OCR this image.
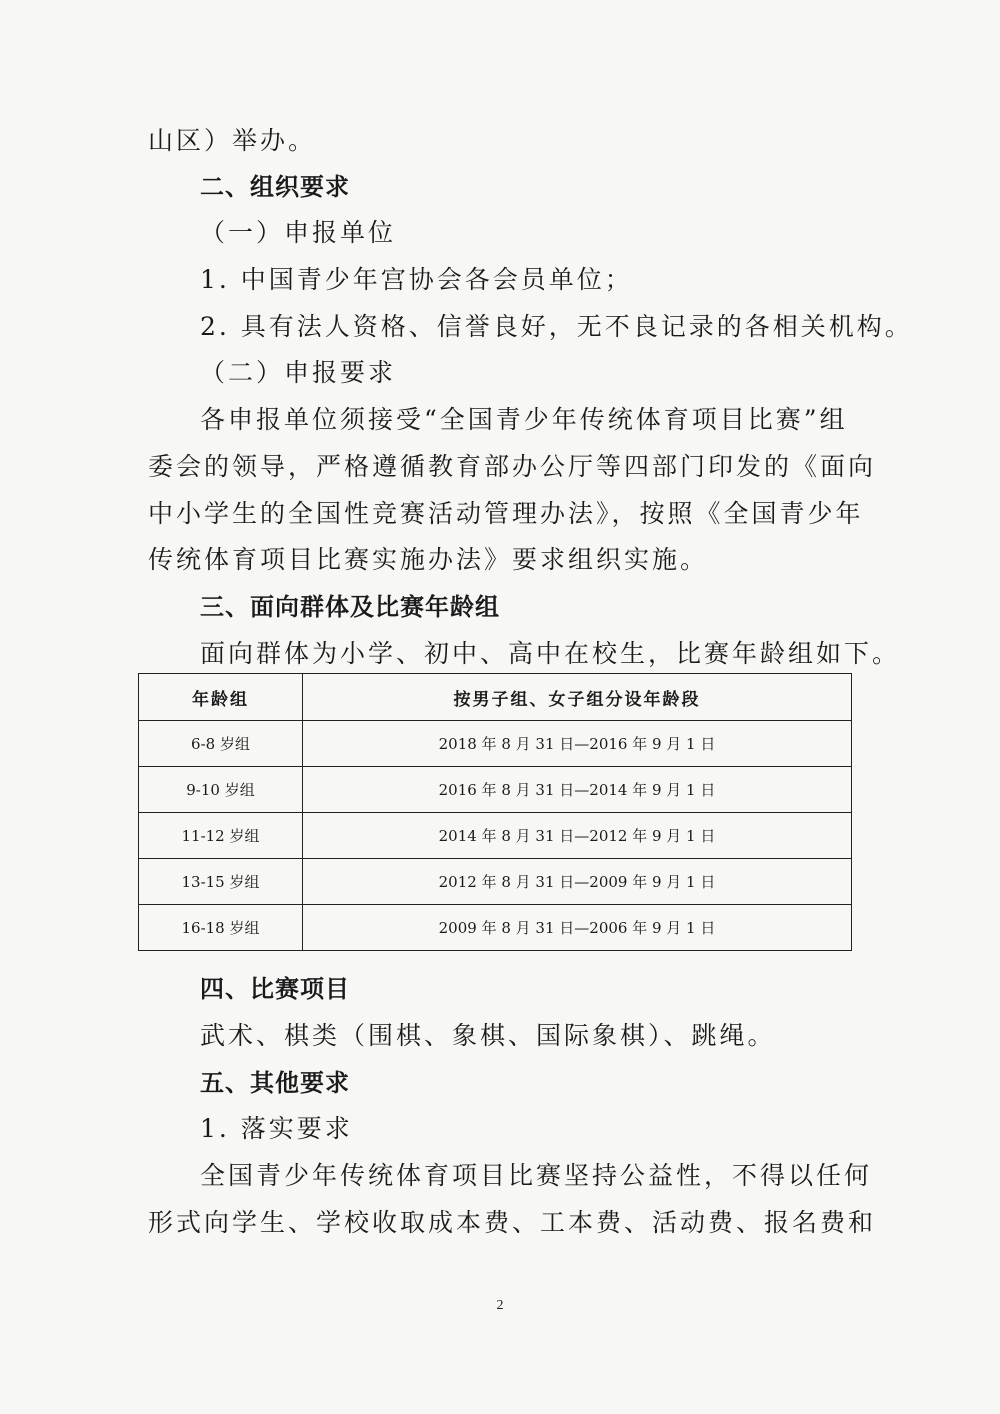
山区）举办。
二、组织要求
（一）申报单位
1. 中国青少年宫协会各会员单位；
2. 具有法人资格、信誉良好，无不良记录的各相关机构。
（二）申报要求
各申报单位须接受“全国青少年传统体育项目比赛”组
委会的领导，严格遵循教育部办公厅等四部门印发的《面向
中小学生的全国性竞赛活动管理办法》，按照《全国青少年
传统体育项目比赛实施办法》要求组织实施。
三、面向群体及比赛年龄组
面向群体为小学、初中、高中在校生，比赛年龄组如下。
年龄组	按男子组、女子组分设年龄段
6-8 岁组	2018 年 8 月 31 日—2016 年 9 月 1 日
9-10 岁组	2016 年 8 月 31 日—2014 年 9 月 1 日
11-12 岁组	2014 年 8 月 31 日—2012 年 9 月 1 日
13-15 岁组	2012 年 8 月 31 日—2009 年 9 月 1 日
16-18 岁组	2009 年 8 月 31 日—2006 年 9 月 1 日
四、比赛项目
武术、棋类（围棋、象棋、国际象棋）、跳绳。
五、其他要求
1. 落实要求
全国青少年传统体育项目比赛坚持公益性，不得以任何
形式向学生、学校收取成本费、工本费、活动费、报名费和
2
